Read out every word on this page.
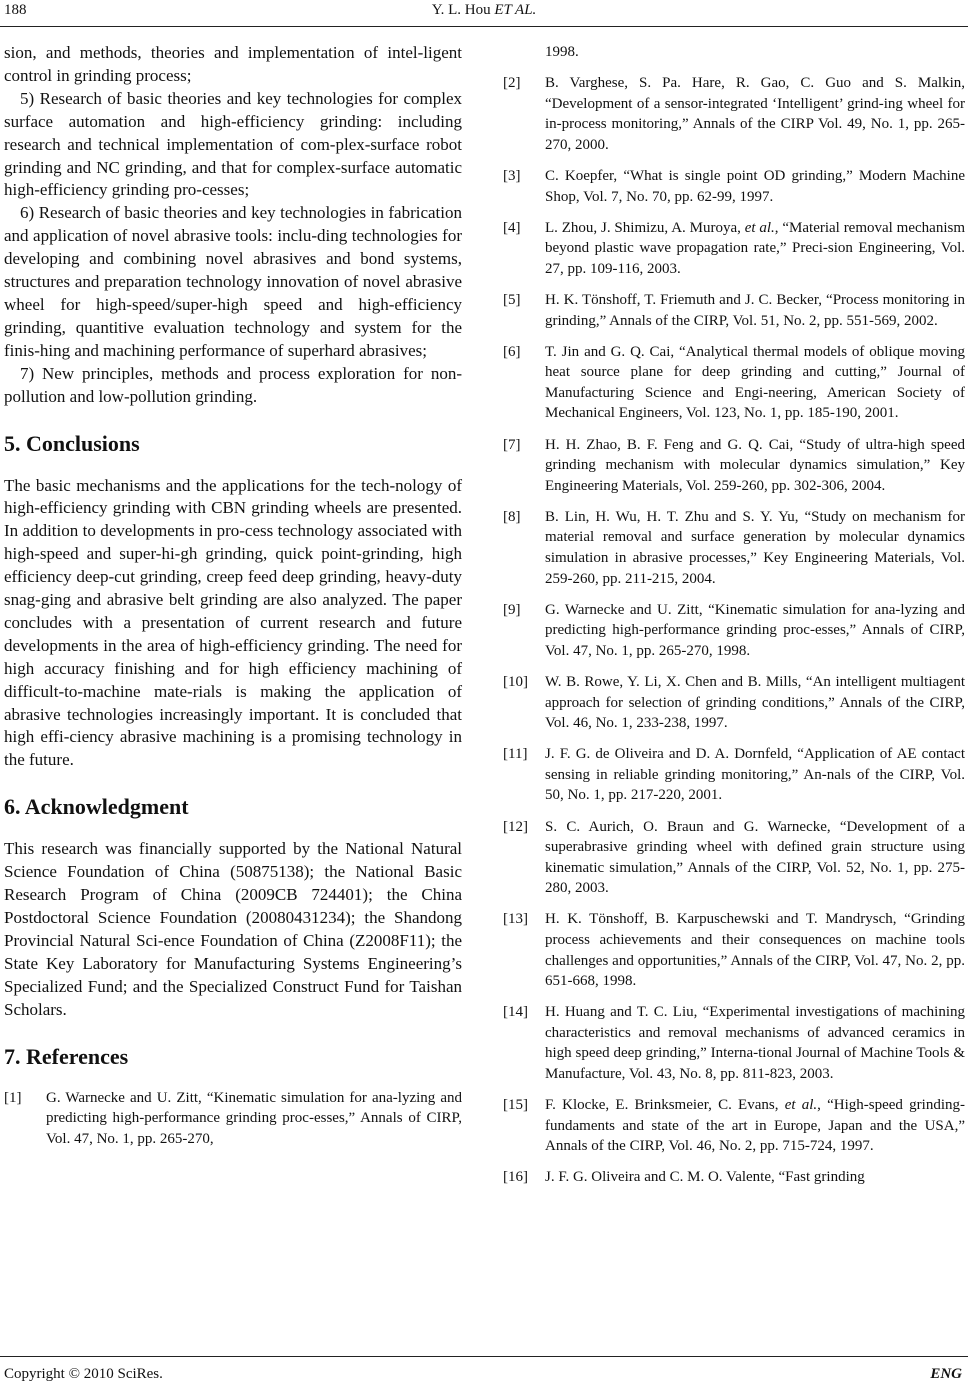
188	Y. L. Hou ET AL.

sion, and methods, theories and implementation of intel-ligent control in grinding process;

5) Research of basic theories and key technologies for complex surface automation and high-efficiency grinding: including research and technical implementation of com-plex-surface robot grinding and NC grinding, and that for complex-surface automatic high-efficiency grinding pro-cesses;

6) Research of basic theories and key technologies in fabrication and application of novel abrasive tools: inclu-ding technologies for developing and combining novel abrasives and bond systems, structures and preparation technology innovation of novel abrasive wheel for high-speed/super-high speed and high-efficiency grinding, quantitive evaluation technology and system for the finis-hing and machining performance of superhard abrasives;

7) New principles, methods and process exploration for non-pollution and low-pollution grinding.

5. Conclusions

The basic mechanisms and the applications for the tech-nology of high-efficiency grinding with CBN grinding wheels are presented. In addition to developments in pro-cess technology associated with high-speed and super-hi-gh grinding, quick point-grinding, high efficiency deep-cut grinding, creep feed deep grinding, heavy-duty snag-ging and abrasive belt grinding are also analyzed. The paper concludes with a presentation of current research and future developments in the area of high-efficiency grinding. The need for high accuracy finishing and for high efficiency machining of difficult-to-machine mate-rials is making the application of abrasive technologies increasingly important. It is concluded that high effi-ciency abrasive machining is a promising technology in the future.

6. Acknowledgment

This research was financially supported by the National Natural Science Foundation of China (50875138); the National Basic Research Program of China (2009CB 724401); the China Postdoctoral Science Foundation (20080431234); the Shandong Provincial Natural Sci-ence Foundation of China (Z2008F11); the State Key Laboratory for Manufacturing Systems Engineering’s Specialized Fund; and the Specialized Construct Fund for Taishan Scholars.

7. References
[1]	G. Warnecke and U. Zitt, “Kinematic simulation for ana-lyzing and predicting high-performance grinding proc-esses,” Annals of CIRP, Vol. 47, No. 1, pp. 265-270,
1998.
[2]	B. Varghese, S. Pa. Hare, R. Gao, C. Guo and S. Malkin, “Development of a sensor-integrated ‘Intelligent’ grind-ing wheel for in-process monitoring,” Annals of the CIRP Vol. 49, No. 1, pp. 265-270, 2000.
[3]	C. Koepfer, “What is single point OD grinding,” Modern Machine Shop, Vol. 7, No. 70, pp. 62-99, 1997.
[4]	L. Zhou, J. Shimizu, A. Muroya, et al., “Material removal mechanism beyond plastic wave propagation rate,” Preci-sion Engineering, Vol. 27, pp. 109-116, 2003.
[5]	H. K. Tönshoff, T. Friemuth and J. C. Becker, “Process monitoring in grinding,” Annals of the CIRP, Vol. 51, No. 2, pp. 551-569, 2002.
[6]	T. Jin and G. Q. Cai, “Analytical thermal models of oblique moving heat source plane for deep grinding and cutting,” Journal of Manufacturing Science and Engi-neering, American Society of Mechanical Engineers, Vol. 123, No. 1, pp. 185-190, 2001.
[7]	H. H. Zhao, B. F. Feng and G. Q. Cai, “Study of ultra-high speed grinding mechanism with molecular dynamics simulation,” Key Engineering Materials, Vol. 259-260, pp. 302-306, 2004.
[8]	B. Lin, H. Wu, H. T. Zhu and S. Y. Yu, “Study on mechanism for material removal and surface generation by molecular dynamics simulation in abrasive processes,” Key Engineering Materials, Vol. 259-260, pp. 211-215, 2004.
[9]	G. Warnecke and U. Zitt, “Kinematic simulation for ana-lyzing and predicting high-performance grinding proc-esses,” Annals of CIRP, Vol. 47, No. 1, pp. 265-270, 1998.
[10]	W. B. Rowe, Y. Li, X. Chen and B. Mills, “An intelligent multiagent approach for selection of grinding conditions,” Annals of the CIRP, Vol. 46, No. 1, 233-238, 1997.
[11]	J. F. G. de Oliveira and D. A. Dornfeld, “Application of AE contact sensing in reliable grinding monitoring,” An-nals of the CIRP, Vol. 50, No. 1, pp. 217-220, 2001.
[12]	S. C. Aurich, O. Braun and G. Warnecke, “Development of a superabrasive grinding wheel with defined grain structure using kinematic simulation,” Annals of the CIRP, Vol. 52, No. 1, pp. 275-280, 2003.
[13]	H. K. Tönshoff, B. Karpuschewski and T. Mandrysch, “Grinding process achievements and their consequences on machine tools challenges and opportunities,” Annals of the CIRP, Vol. 47, No. 2, pp. 651-668, 1998.
[14]	H. Huang and T. C. Liu, “Experimental investigations of machining characteristics and removal mechanisms of advanced ceramics in high speed deep grinding,” Interna-tional Journal of Machine Tools & Manufacture, Vol. 43, No. 8, pp. 811-823, 2003.
[15]	F. Klocke, E. Brinksmeier, C. Evans, et al., “High-speed grinding-fundaments and state of the art in Europe, Japan and the USA,” Annals of the CIRP, Vol. 46, No. 2, pp. 715-724, 1997.
[16]	J. F. G. Oliveira and C. M. O. Valente, “Fast grinding
Copyright © 2010 SciRes.	ENG
